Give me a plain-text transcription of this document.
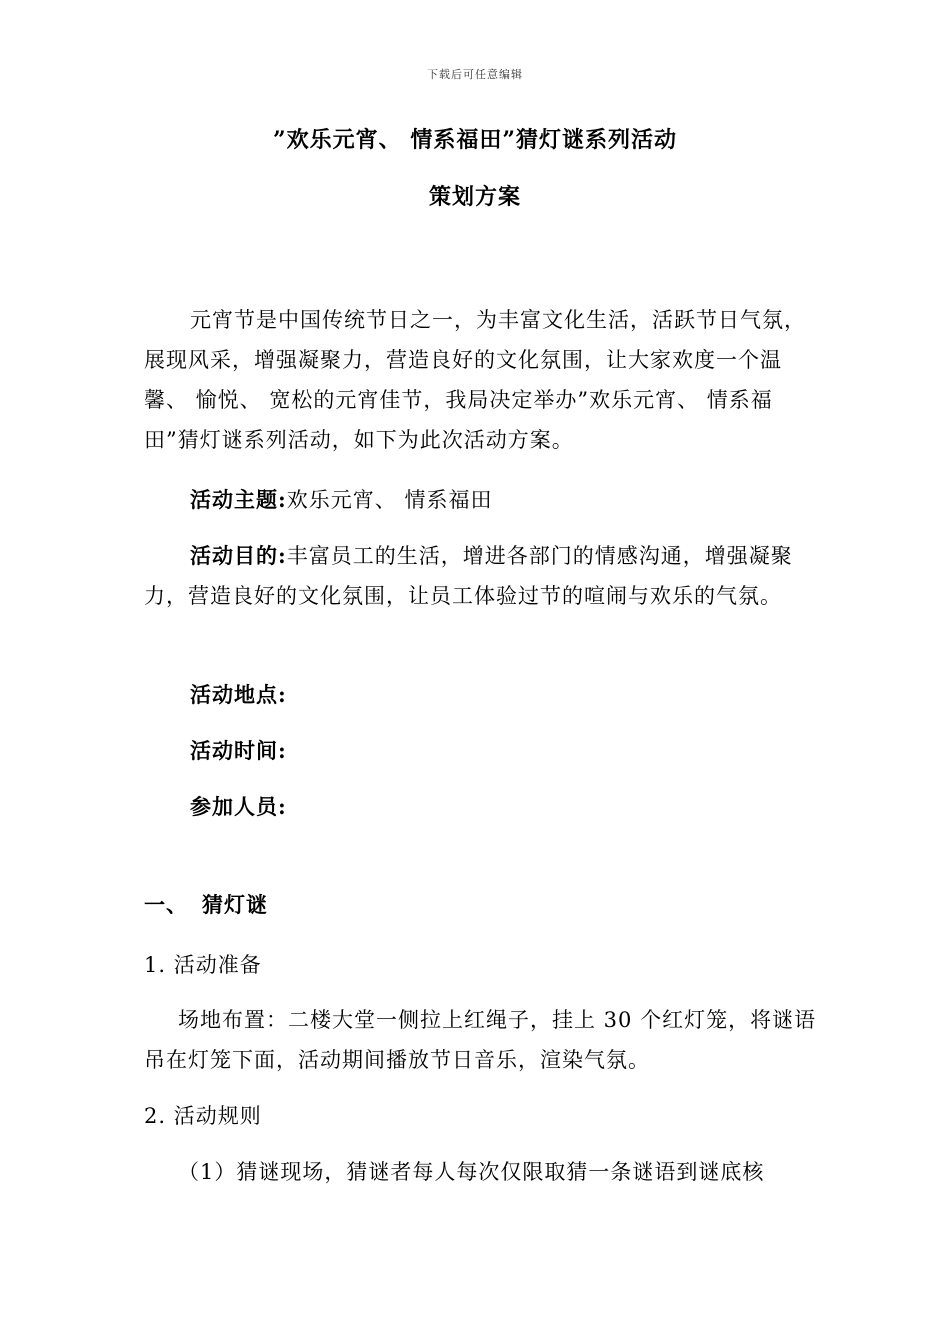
下载后可任意编辑
”欢乐元宵、 情系福田”猜灯谜系列活动
策划方案
元宵节是中国传统节日之一，为丰富文化生活，活跃节日气氛，展现风采，增强凝聚力，营造良好的文化氛围，让大家欢度一个温馨、 愉悦、 宽松的元宵佳节，我局决定举办”欢乐元宵、 情系福田”猜灯谜系列活动，如下为此次活动方案。
活动主题:欢乐元宵、 情系福田
活动目的:丰富员工的生活，增进各部门的情感沟通，增强凝聚力，营造良好的文化氛围，让员工体验过节的喧闹与欢乐的气氛。
活动地点:
活动时间:
参加人员:
一、 猜灯谜
1. 活动准备
场地布置：二楼大堂一侧拉上红绳子，挂上 30 个红灯笼，将谜语吊在灯笼下面，活动期间播放节日音乐，渲染气氛。
2. 活动规则
（1）猜谜现场，猜谜者每人每次仅限取猜一条谜语到谜底核
